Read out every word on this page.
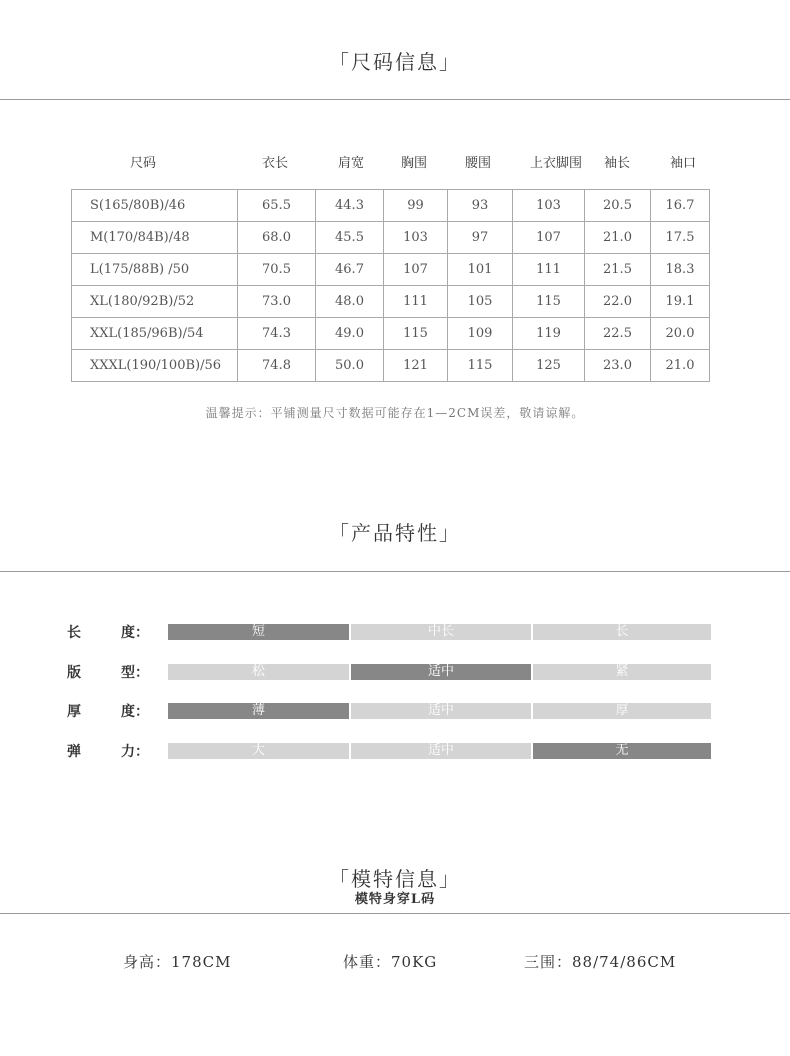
「尺码信息」
尺码	衣长	肩宽	胸围	腰围	上衣脚围	袖长	袖口
S(165/80B)/46	65.5	44.3	99	93	103	20.5	16.7
M(170/84B)/48	68.0	45.5	103	97	107	21.0	17.5
L(175/88B) /50	70.5	46.7	107	101	111	21.5	18.3
XL(180/92B)/52	73.0	48.0	111	105	115	22.0	19.1
XXL(185/96B)/54	74.3	49.0	115	109	119	22.5	20.0
XXXL(190/100B)/56	74.8	50.0	121	115	125	23.0	21.0
温馨提示：平铺测量尺寸数据可能存在1—2CM误差，敬请谅解。
「产品特性」
长	度：	短	中长	长
版	型：	松	适中	紧
厚	度：	薄	适中	厚
弹	力：	大	适中	无
「模特信息」
模特身穿L码
身高：178CM	体重：70KG	三围：88/74/86CM
